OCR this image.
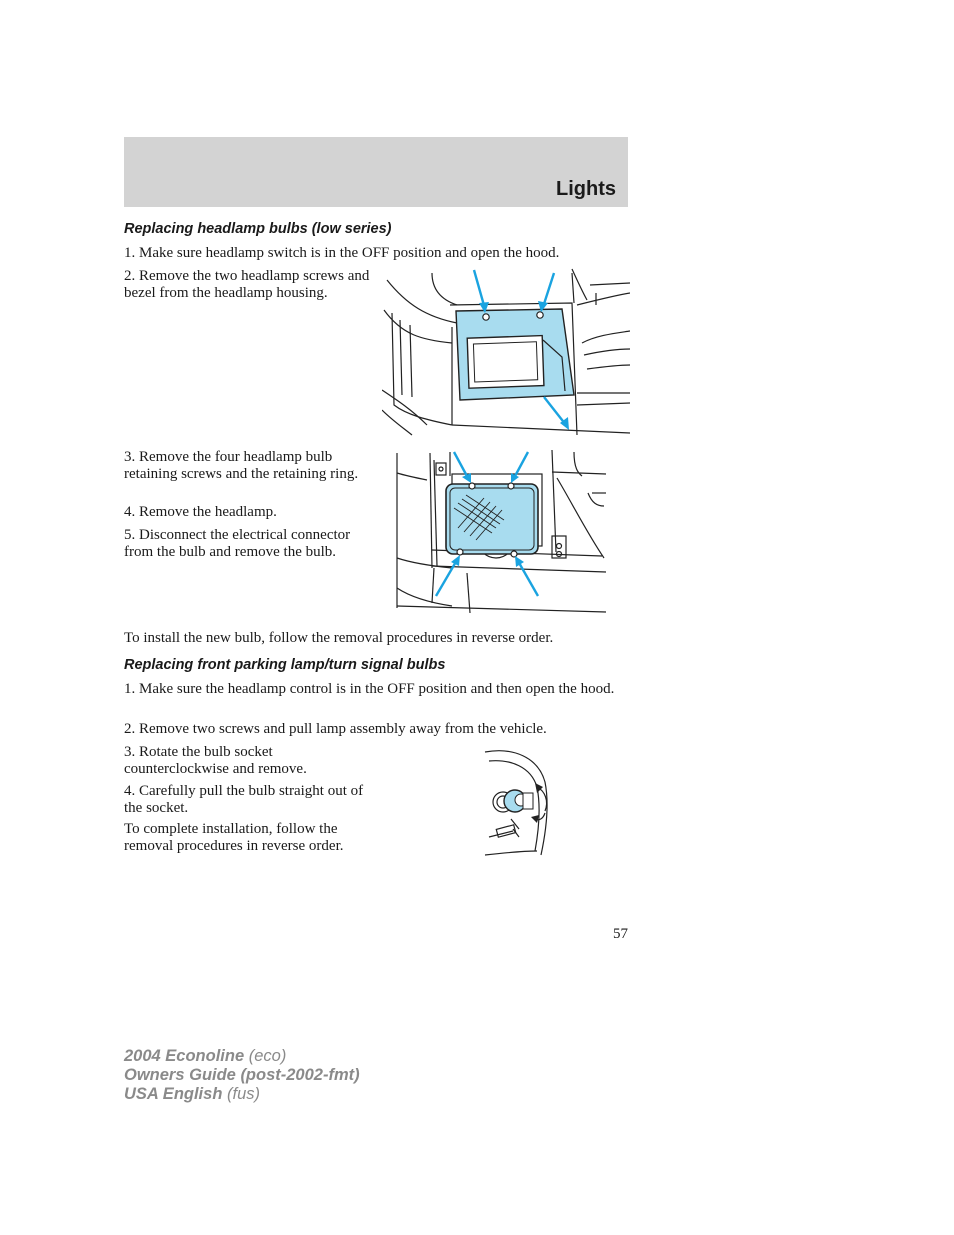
Lights
Replacing headlamp bulbs (low series)

1. Make sure headlamp switch is in the OFF position and open the hood.

2. Remove the two headlamp screws and bezel from the headlamp housing.

3. Remove the four headlamp bulb retaining screws and the retaining ring.

4. Remove the headlamp.

5. Disconnect the electrical connector from the bulb and remove the bulb.

To install the new bulb, follow the removal procedures in reverse order.

Replacing front parking lamp/turn signal bulbs

1. Make sure the headlamp control is in the OFF position and then open the hood.

2. Remove two screws and pull lamp assembly away from the vehicle.

3. Rotate the bulb socket counterclockwise and remove.

4. Carefully pull the bulb straight out of the socket.

To complete installation, follow the removal procedures in reverse order.

57
2004 Econoline (eco)
Owners Guide (post-2002-fmt)
USA English (fus)
